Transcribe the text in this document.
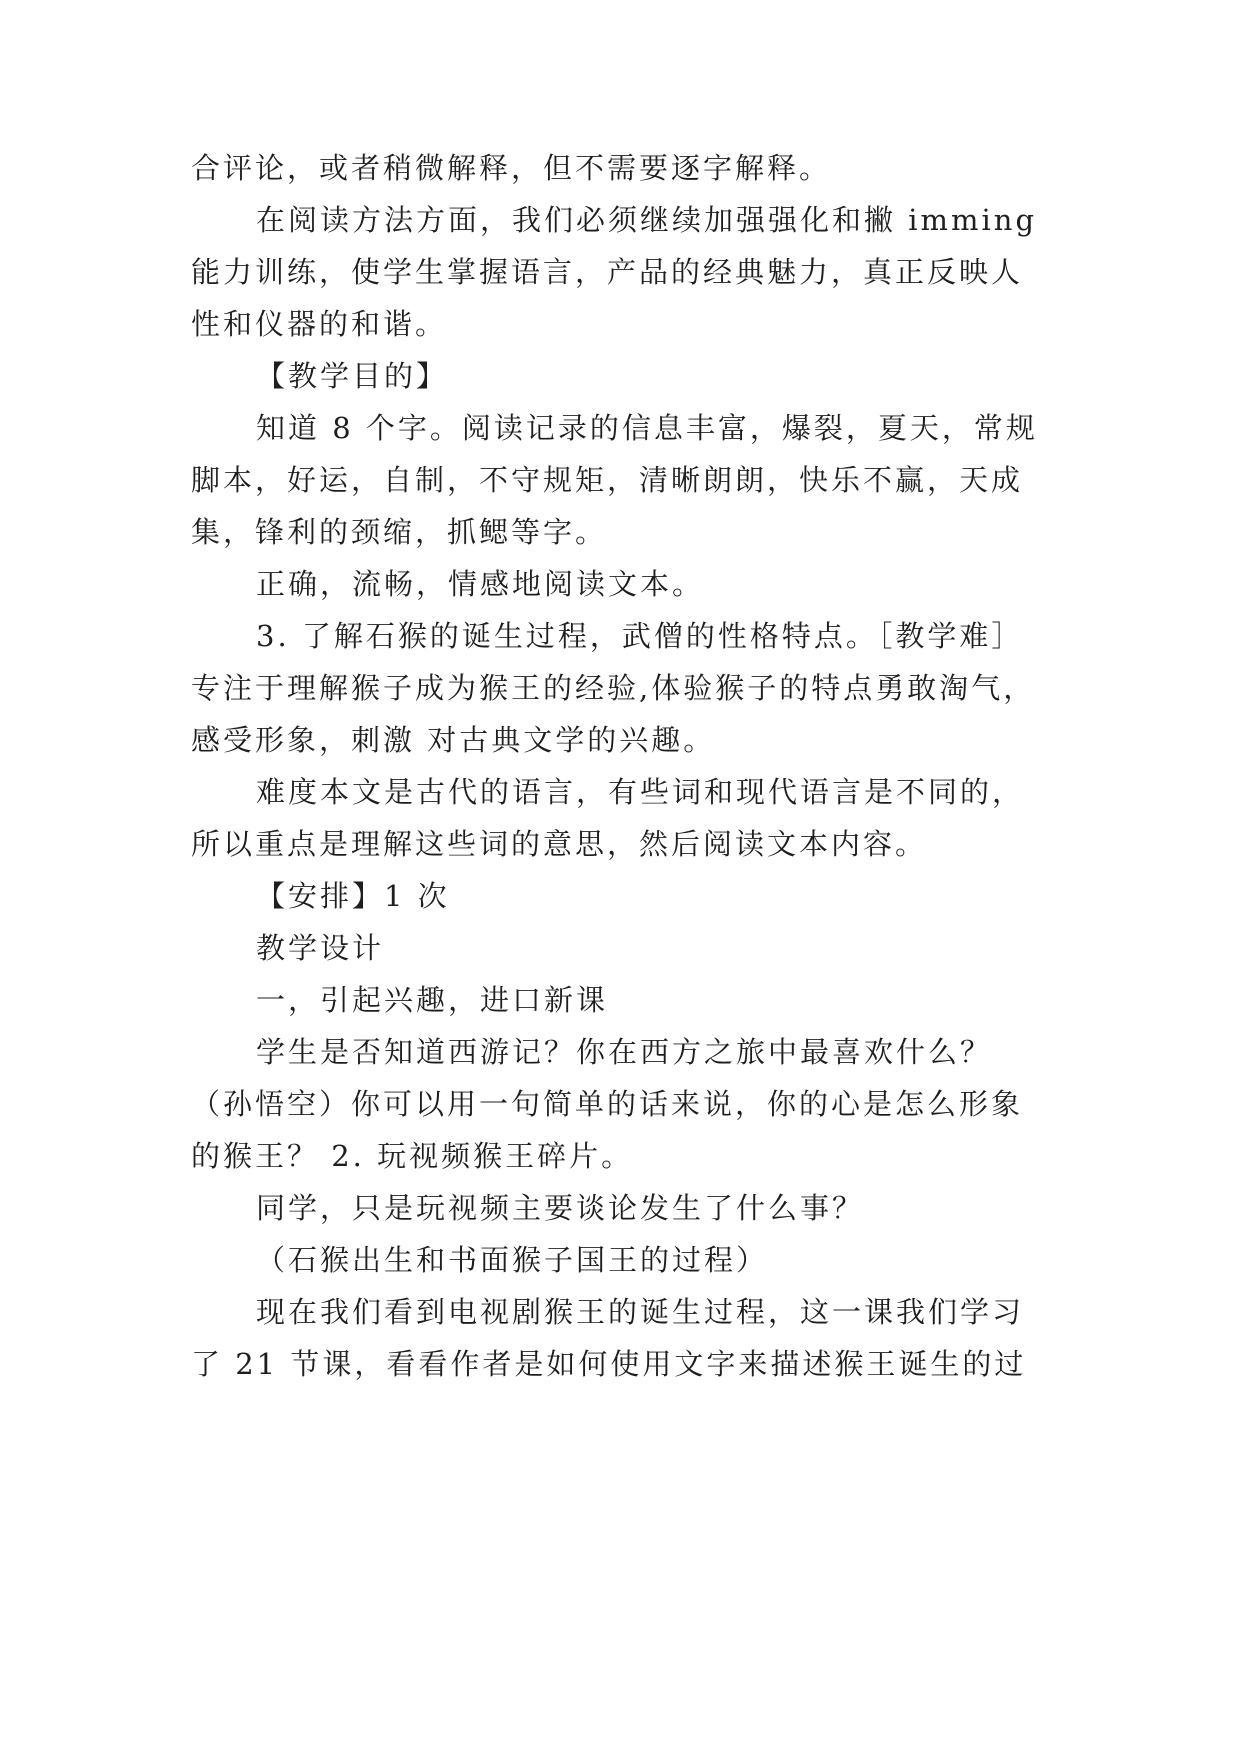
合评论，或者稍微解释，但不需要逐字解释。

在阅读方法方面，我们必须继续加强强化和撇 imming

能力训练，使学生掌握语言，产品的经典魅力，真正反映人

性和仪器的和谐。

【教学目的】

知道 8 个字。阅读记录的信息丰富，爆裂，夏天，常规

脚本，好运，自制，不守规矩，清晰朗朗，快乐不赢，天成

集，锋利的颈缩，抓鳃等字。

正确，流畅，情感地阅读文本。

3. 了解石猴的诞生过程，武僧的性格特点。［教学难］

专注于理解猴子成为猴王的经验,体验猴子的特点勇敢淘气，

感受形象，刺激 对古典文学的兴趣。

难度本文是古代的语言，有些词和现代语言是不同的，

所以重点是理解这些词的意思，然后阅读文本内容。

【安排】1 次

教学设计

一，引起兴趣，进口新课

学生是否知道西游记？你在西方之旅中最喜欢什么？

（孙悟空）你可以用一句简单的话来说，你的心是怎么形象

的猴王？ 2. 玩视频猴王碎片。

同学，只是玩视频主要谈论发生了什么事？

（石猴出生和书面猴子国王的过程）

现在我们看到电视剧猴王的诞生过程，这一课我们学习

了 21 节课，看看作者是如何使用文字来描述猴王诞生的过
